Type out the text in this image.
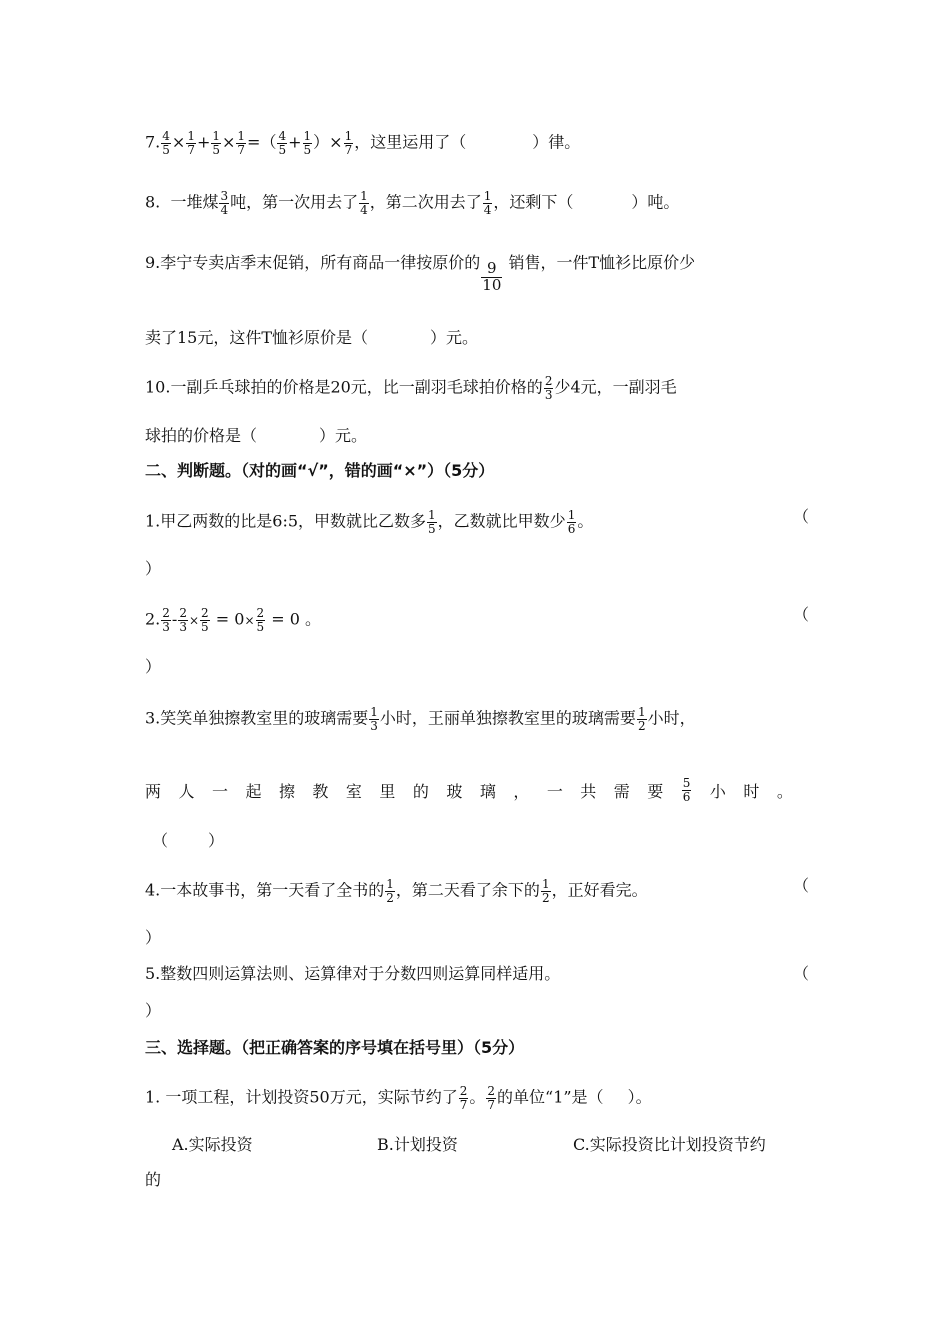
7. $\frac{4}{5} \times \frac{1}{7} + \frac{1}{5} \times \frac{1}{7}$ =（ $\frac{4}{5} + \frac{1}{5}$ ）× $\frac{1}{7}$ ，这里运用了（	）律。
8. 一堆煤 $\frac{3}{4}$ 吨，第一次用去了 $\frac{1}{4}$ ，第二次用去了 $\frac{1}{4}$ ，还剩下（	）吨。
9.李宁专卖店季末促销，所有商品一律按原价的 $\frac{9}{10}$ 销售，一件T恤衫比原价少
卖了15元，这件T恤衫原价是（	）元。
10.一副乒乓球拍的价格是20元，比一副羽毛球拍价格的 $\frac{2}{3}$ 少4元，一副羽毛
球拍的价格是（	）元。
二、判断题。（对的画“√”，错的画“×”）（5分）
1.甲乙两数的比是6:5，甲数就比乙数多 $\frac{1}{5}$ ，乙数就比甲数少 $\frac{1}{6}$ 。	（
）
2. $\frac{2}{3} - \frac{2}{3} \times \frac{2}{5} = 0\times \frac{2}{5} = 0$ 。	（
）
3.笑笑单独擦教室里的玻璃需要 $\frac{1}{3}$ 小时，王丽单独擦教室里的玻璃需要 $\frac{1}{2}$ 小时，
两 人 一 起 擦 教 室 里 的 玻 璃 ， 一 共 需 要 $\frac{5}{6}$ 小 时 。
（	）
4.一本故事书，第一天看了全书的 $\frac{1}{2}$ ，第二天看了余下的 $\frac{1}{2}$ ，正好看完。	（
）
5.整数四则运算法则、运算律对于分数四则运算同样适用。	（
）
三、选择题。（把正确答案的序号填在括号里）（5分）
1. 一项工程，计划投资50万元，实际节约了 $\frac{2}{7}$ 。 $\frac{2}{7}$ 的单位“1”是（ ）。
A.实际投资	B.计划投资	C.实际投资比计划投资节约
的
